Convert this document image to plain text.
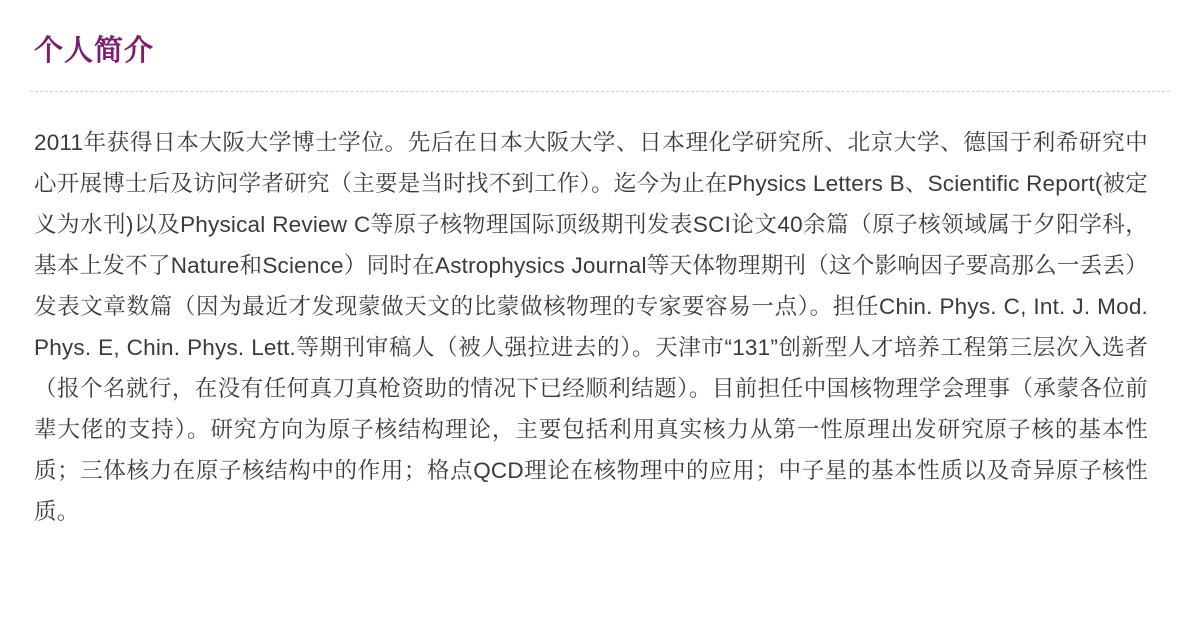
个人简介

2011年获得日本大阪大学博士学位。先后在日本大阪大学、日本理化学研究所、北京大学、德国于利希研究中心开展博士后及访问学者研究（主要是当时找不到工作）。迄今为止在Physics Letters B、Scientific Report(被定义为水刊)以及Physical Review C等原子核物理国际顶级期刊发表SCI论文40余篇（原子核领域属于夕阳学科，基本上发不了Nature和Science）同时在Astrophysics Journal等天体物理期刊（这个影响因子要高那么一丢丢）发表文章数篇（因为最近才发现蒙做天文的比蒙做核物理的专家要容易一点）。担任Chin. Phys. C, Int. J. Mod. Phys. E, Chin. Phys. Lett.等期刊审稿人（被人强拉进去的）。天津市“131”创新型人才培养工程第三层次入选者（报个名就行，在没有任何真刀真枪资助的情况下已经顺利结题）。目前担任中国核物理学会理事（承蒙各位前辈大佬的支持）。研究方向为原子核结构理论，主要包括利用真实核力从第一性原理出发研究原子核的基本性质；三体核力在原子核结构中的作用；格点QCD理论在核物理中的应用；中子星的基本性质以及奇异原子核性质。
